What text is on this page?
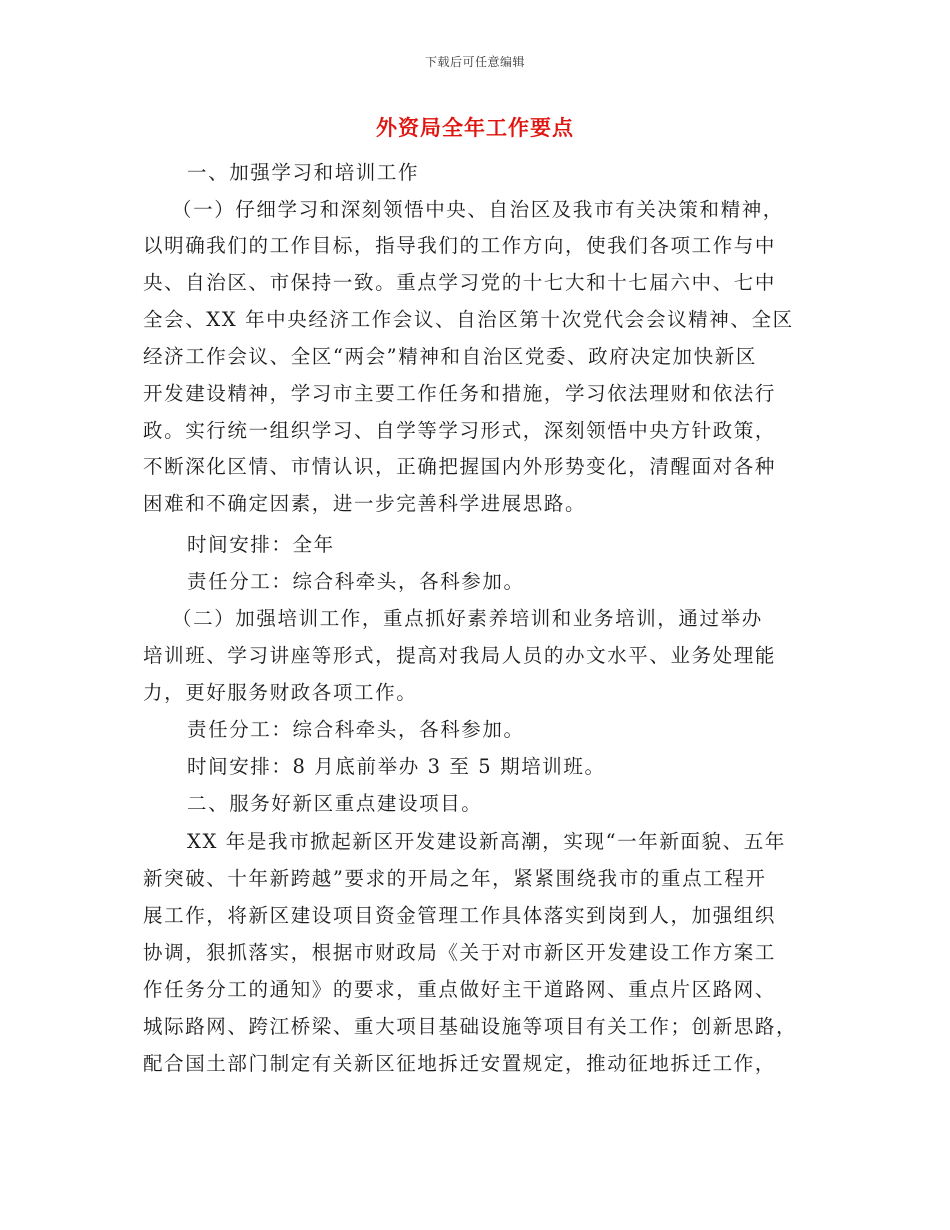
下载后可任意编辑
外资局全年工作要点
一、加强学习和培训工作
（一）仔细学习和深刻领悟中央、自治区及我市有关决策和精神，
以明确我们的工作目标，指导我们的工作方向，使我们各项工作与中
央、自治区、市保持一致。重点学习党的十七大和十七届六中、七中
全会、XX 年中央经济工作会议、自治区第十次党代会会议精神、全区
经济工作会议、全区“两会”精神和自治区党委、政府决定加快新区
开发建设精神，学习市主要工作任务和措施，学习依法理财和依法行
政。实行统一组织学习、自学等学习形式，深刻领悟中央方针政策，
不断深化区情、市情认识，正确把握国内外形势变化，清醒面对各种
困难和不确定因素，进一步完善科学进展思路。
时间安排：全年
责任分工：综合科牵头，各科参加。
（二）加强培训工作，重点抓好素养培训和业务培训，通过举办
培训班、学习讲座等形式，提高对我局人员的办文水平、业务处理能
力，更好服务财政各项工作。
责任分工：综合科牵头，各科参加。
时间安排：8 月底前举办 3 至 5 期培训班。
二、服务好新区重点建设项目。
XX 年是我市掀起新区开发建设新高潮，实现“一年新面貌、五年
新突破、十年新跨越”要求的开局之年，紧紧围绕我市的重点工程开
展工作，将新区建设项目资金管理工作具体落实到岗到人，加强组织
协调，狠抓落实，根据市财政局《关于对市新区开发建设工作方案工
作任务分工的通知》的要求，重点做好主干道路网、重点片区路网、
城际路网、跨江桥梁、重大项目基础设施等项目有关工作；创新思路，
配合国土部门制定有关新区征地拆迁安置规定，推动征地拆迁工作，
